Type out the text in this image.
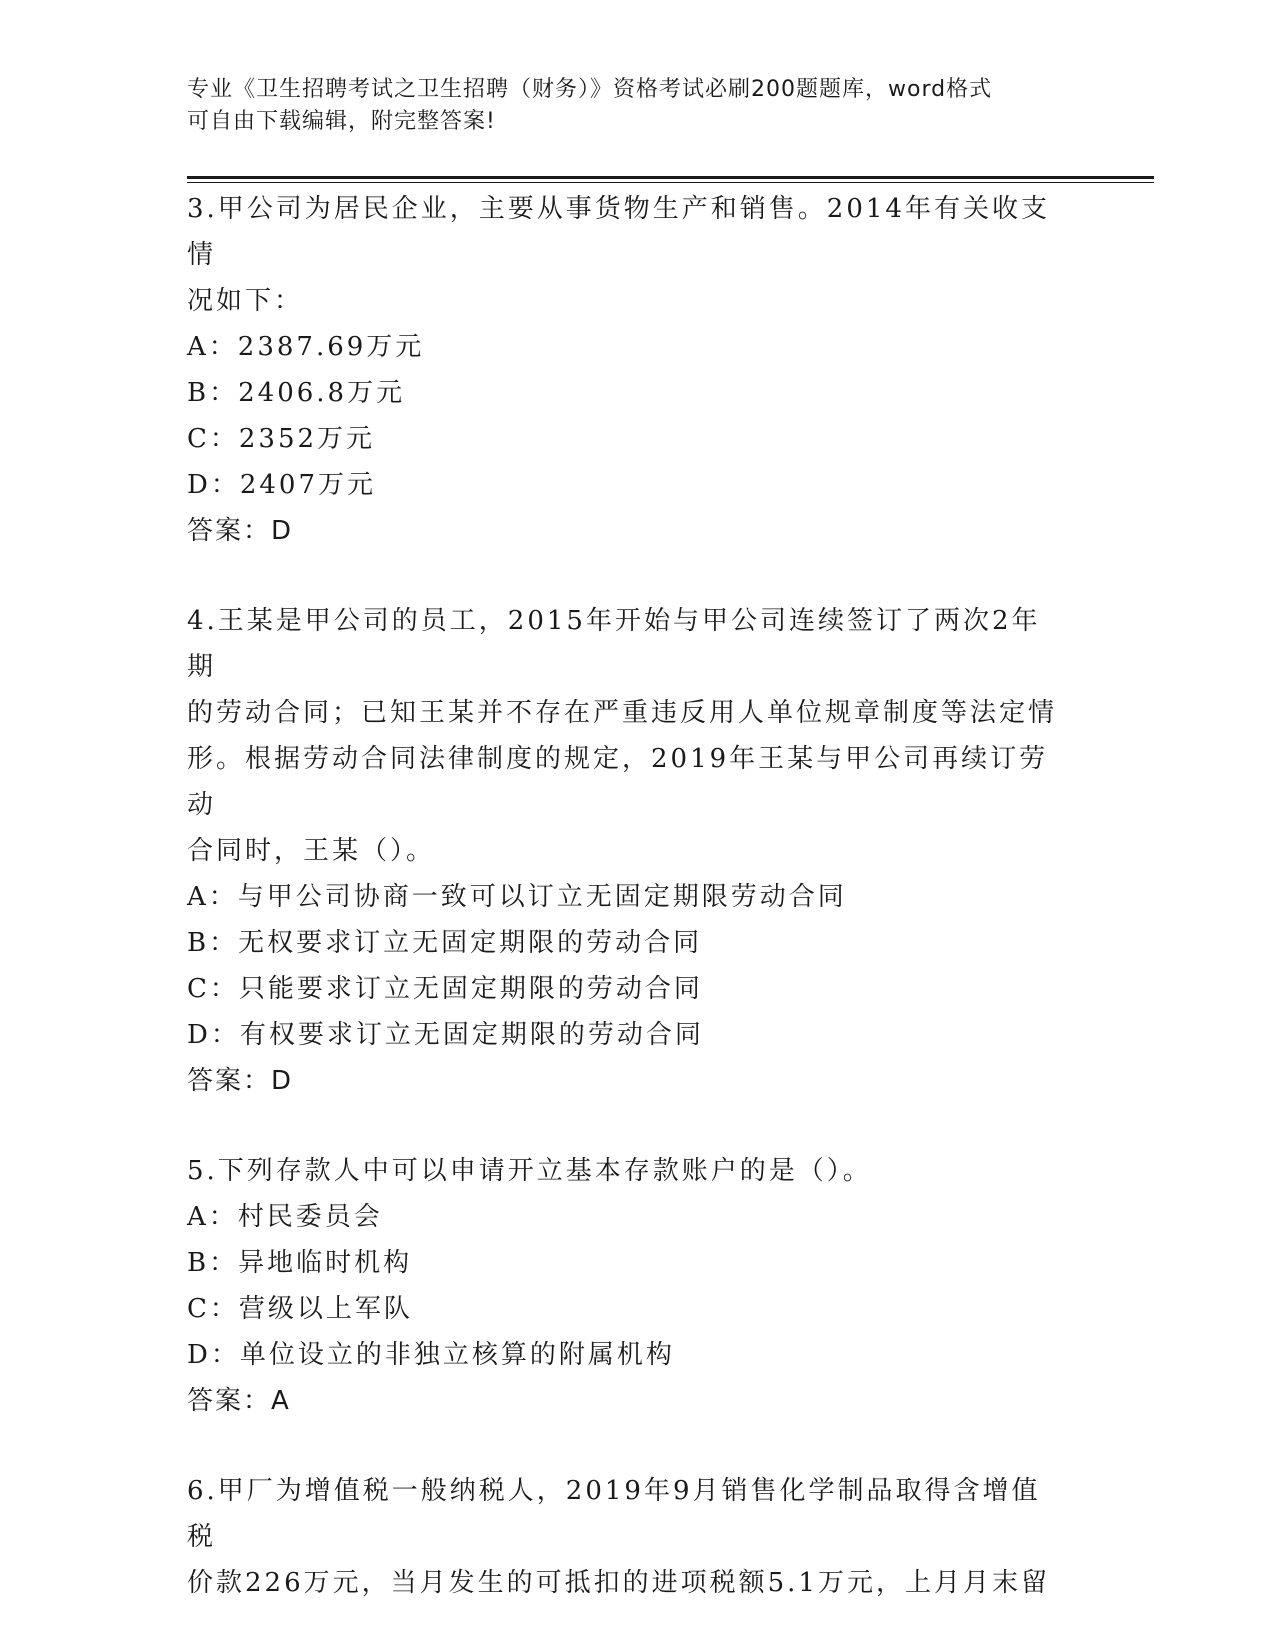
专业《卫生招聘考试之卫生招聘（财务）》资格考试必刷200题题库，word格式
可自由下载编辑，附完整答案!

3.甲公司为居民企业，主要从事货物生产和销售。2014年有关收支情

况如下：

A：2387.69万元

B：2406.8万元

C：2352万元

D：2407万元

答案：D

4.王某是甲公司的员工，2015年开始与甲公司连续签订了两次2年期

的劳动合同；已知王某并不存在严重违反用人单位规章制度等法定情

形。根据劳动合同法律制度的规定，2019年王某与甲公司再续订劳动

合同时，王某（）。

A：与甲公司协商一致可以订立无固定期限劳动合同

B：无权要求订立无固定期限的劳动合同

C：只能要求订立无固定期限的劳动合同

D：有权要求订立无固定期限的劳动合同

答案：D

5.下列存款人中可以申请开立基本存款账户的是（）。

A：村民委员会

B：异地临时机构

C：营级以上军队

D：单位设立的非独立核算的附属机构

答案：A

6.甲厂为增值税一般纳税人，2019年9月销售化学制品取得含增值税

价款226万元，当月发生的可抵扣的进项税额5.1万元，上月月末留
